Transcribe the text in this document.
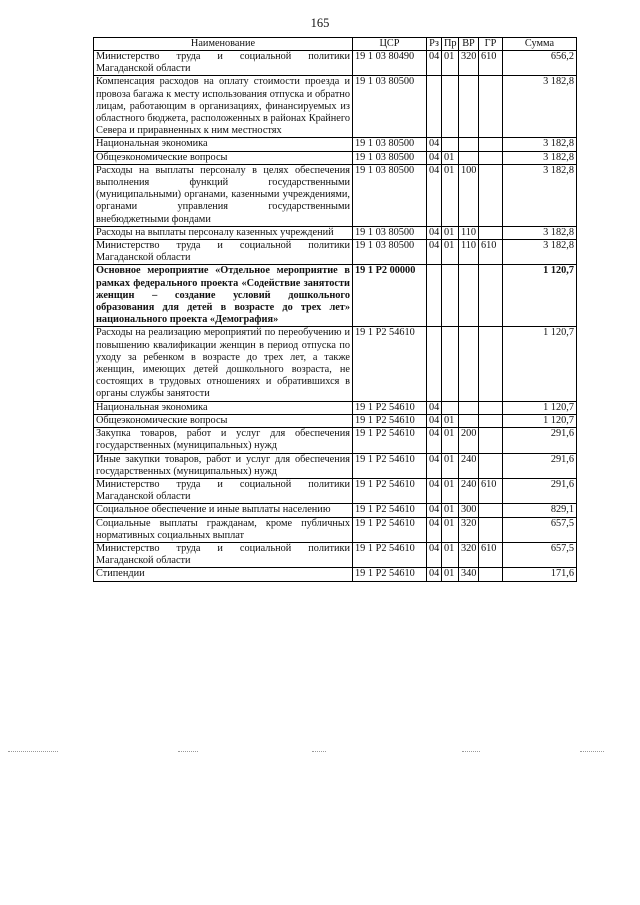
165
Наименование	ЦСР	Рз	Пр	ВР	ГР	Сумма
Министерство труда и социальной политики Магаданской области	19 1 03 80490	04	01	320	610	656,2
Компенсация расходов на оплату стоимости проезда и провоза багажа к месту использования отпуска и обратно лицам, работающим в организациях, финансируемых из областного бюджета, расположенных в районах Крайнего Севера и приравненных к ним местностях	19 1 03 80500					3 182,8
Национальная экономика	19 1 03 80500	04				3 182,8
Общеэкономические вопросы	19 1 03 80500	04	01			3 182,8
Расходы на выплаты персоналу в целях обеспечения выполнения функций государственными (муниципальными) органами, казенными учреждениями, органами управления государственными внебюджетными фондами	19 1 03 80500	04	01	100		3 182,8
Расходы на выплаты персоналу казенных учреждений	19 1 03 80500	04	01	110		3 182,8
Министерство труда и социальной политики Магаданской области	19 1 03 80500	04	01	110	610	3 182,8
Основное мероприятие «Отдельное мероприятие в рамках федерального проекта «Содействие занятости женщин – создание условий дошкольного образования для детей в возрасте до трех лет» национального проекта «Демография»	19 1 P2 00000					1 120,7
Расходы на реализацию мероприятий по переобучению и повышению квалификации женщин в период отпуска по уходу за ребенком в возрасте до трех лет, а также женщин, имеющих детей дошкольного возраста, не состоящих в трудовых отношениях и обратившихся в органы службы занятости	19 1 P2 54610					1 120,7
Национальная экономика	19 1 P2 54610	04				1 120,7
Общеэкономические вопросы	19 1 P2 54610	04	01			1 120,7
Закупка товаров, работ и услуг для обеспечения государственных (муниципальных) нужд	19 1 P2 54610	04	01	200		291,6
Иные закупки товаров, работ и услуг для обеспечения государственных (муниципальных) нужд	19 1 P2 54610	04	01	240		291,6
Министерство труда и социальной политики Магаданской области	19 1 P2 54610	04	01	240	610	291,6
Социальное обеспечение и иные выплаты населению	19 1 P2 54610	04	01	300		829,1
Социальные выплаты гражданам, кроме публичных нормативных социальных выплат	19 1 P2 54610	04	01	320		657,5
Министерство труда и социальной политики Магаданской области	19 1 P2 54610	04	01	320	610	657,5
Стипендии	19 1 P2 54610	04	01	340		171,6
